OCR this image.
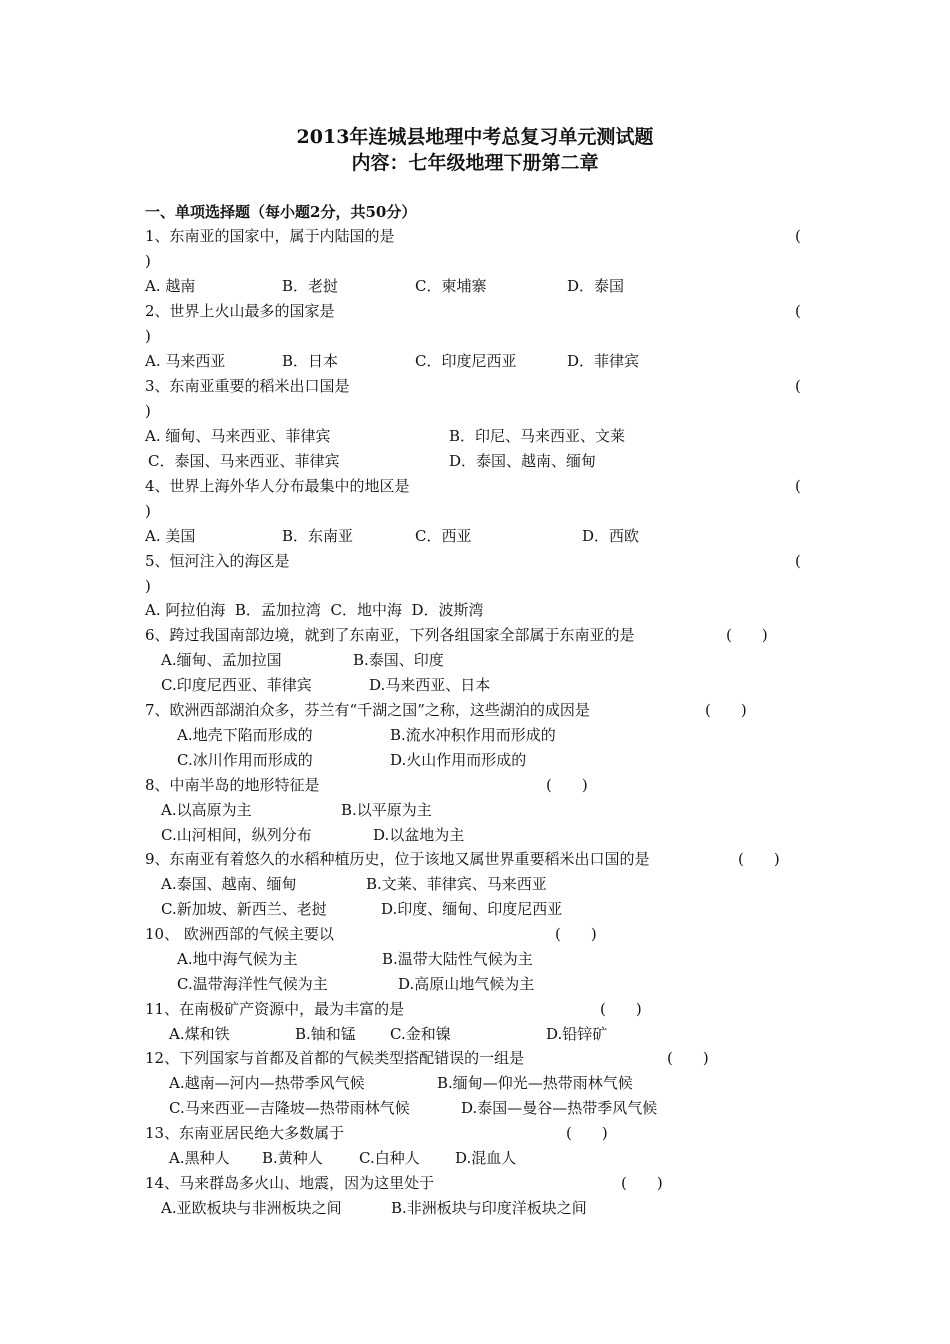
2013年连城县地理中考总复习单元测试题
内容：七年级地理下册第二章
一、单项选择题（每小题2分，共50分）
1、东南亚的国家中，属于内陆国的是	(
)
A. 越南	B．老挝	C．柬埔寨	D．泰国
2、世界上火山最多的国家是	(
)
A. 马来西亚	B．日本	C．印度尼西亚	D．菲律宾
3、东南亚重要的稻米出口国是	(
)
A. 缅甸、马来西亚、菲律宾	B．印尼、马来西亚、文莱
C．泰国、马来西亚、菲律宾	D．泰国、越南、缅甸
4、世界上海外华人分布最集中的地区是	(
)
A. 美国	B．东南亚	C．西亚	D．西欧
5、恒河注入的海区是	(
)
A. 阿拉伯海  B．孟加拉湾  C．地中海  D．波斯湾
6、跨过我国南部边境，就到了东南亚，下列各组国家全部属于东南亚的是	(　　)
A.缅甸、孟加拉国	B.泰国、印度
C.印度尼西亚、菲律宾	D.马来西亚、日本
7、欧洲西部湖泊众多，芬兰有“千湖之国”之称，这些湖泊的成因是	(　　)
A.地壳下陷而形成的	B.流水冲积作用而形成的
C.冰川作用而形成的	D.火山作用而形成的
8、中南半岛的地形特征是	(　　)
A.以高原为主	B.以平原为主
C.山河相间，纵列分布	D.以盆地为主
9、东南亚有着悠久的水稻种植历史，位于该地又属世界重要稻米出口国的是	(　　)
A.泰国、越南、缅甸	B.文莱、菲律宾、马来西亚
C.新加坡、新西兰、老挝	D.印度、缅甸、印度尼西亚
10、 欧洲西部的气候主要以	(　　)
A.地中海气候为主	B.温带大陆性气候为主
C.温带海洋性气候为主	D.高原山地气候为主
11、在南极矿产资源中，最为丰富的是	(　　)
A.煤和铁	B.铀和锰 C.金和镍	D.铅锌矿
12、下列国家与首都及首都的气候类型搭配错误的一组是	(　　)
A.越南—河内—热带季风气候	B.缅甸—仰光—热带雨林气候
C.马来西亚—吉隆坡—热带雨林气候	D.泰国—曼谷—热带季风气候
13、东南亚居民绝大多数属于	(　　)
A.黑种人 B.黄种人 C.白种人 D.混血人
14、马来群岛多火山、地震，因为这里处于	(　　)
A.亚欧板块与非洲板块之间	B.非洲板块与印度洋板块之间
